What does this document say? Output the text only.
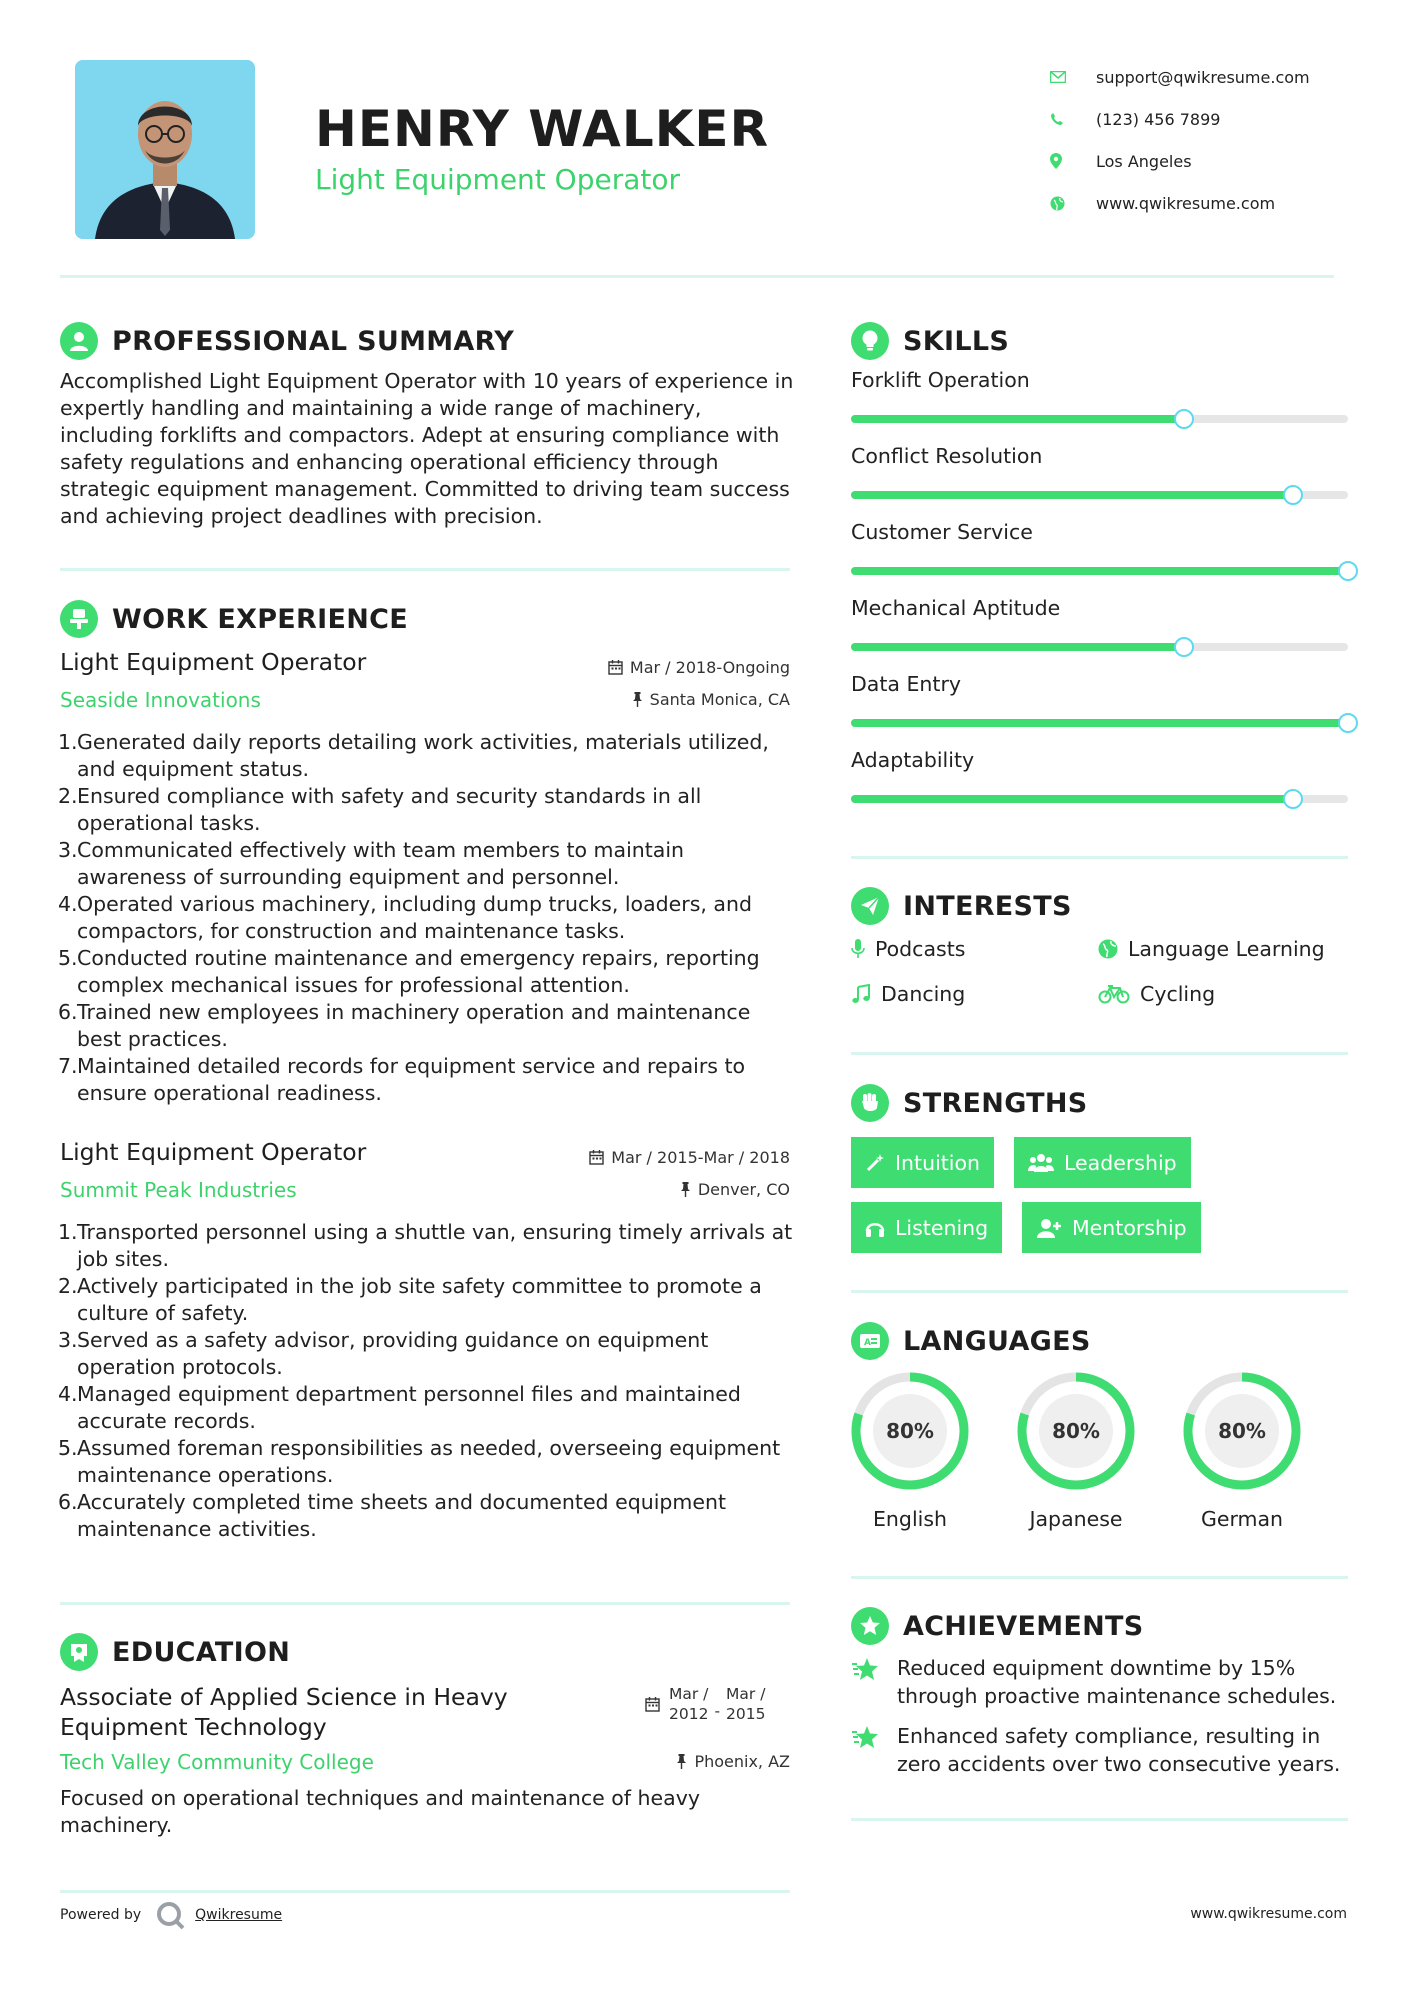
HENRY WALKER
Light Equipment Operator
support@qwikresume.com
(123) 456 7899
Los Angeles
www.qwikresume.com
PROFESSIONAL SUMMARY
Accomplished Light Equipment Operator with 10 years of experience in expertly handling and maintaining a wide range of machinery, including forklifts and compactors. Adept at ensuring compliance with safety regulations and enhancing operational efficiency through strategic equipment management. Committed to driving team success and achieving project deadlines with precision.
WORK EXPERIENCE
Light Equipment Operator	Mar / 2018-Ongoing
Seaside Innovations	Santa Monica, CA
1. Generated daily reports detailing work activities, materials utilized, and equipment status.
2. Ensured compliance with safety and security standards in all operational tasks.
3. Communicated effectively with team members to maintain awareness of surrounding equipment and personnel.
4. Operated various machinery, including dump trucks, loaders, and compactors, for construction and maintenance tasks.
5. Conducted routine maintenance and emergency repairs, reporting complex mechanical issues for professional attention.
6. Trained new employees in machinery operation and maintenance best practices.
7. Maintained detailed records for equipment service and repairs to ensure operational readiness.
Light Equipment Operator	Mar / 2015-Mar / 2018
Summit Peak Industries	Denver, CO
1. Transported personnel using a shuttle van, ensuring timely arrivals at job sites.
2. Actively participated in the job site safety committee to promote a culture of safety.
3. Served as a safety advisor, providing guidance on equipment operation protocols.
4. Managed equipment department personnel files and maintained accurate records.
5. Assumed foreman responsibilities as needed, overseeing equipment maintenance operations.
6. Accurately completed time sheets and documented equipment maintenance activities.
EDUCATION
Associate of Applied Science in Heavy
Equipment Technology
Mar /
2012 -
Mar /
2015
Tech Valley Community College	Phoenix, AZ
Focused on operational techniques and maintenance of heavy machinery.
SKILLS
Forklift Operation
Conflict Resolution
Customer Service
Mechanical Aptitude
Data Entry
Adaptability
INTERESTS
Podcasts	Language Learning
Dancing	Cycling
STRENGTHS
Intuition	Leadership
Listening	Mentorship
A LANGUAGES
80%
English
80%
Japanese
80%
German
ACHIEVEMENTS
Reduced equipment downtime by 15%
through proactive maintenance schedules.
Enhanced safety compliance, resulting in
zero accidents over two consecutive years.
Powered by	Qwikresume	www.qwikresume.com
